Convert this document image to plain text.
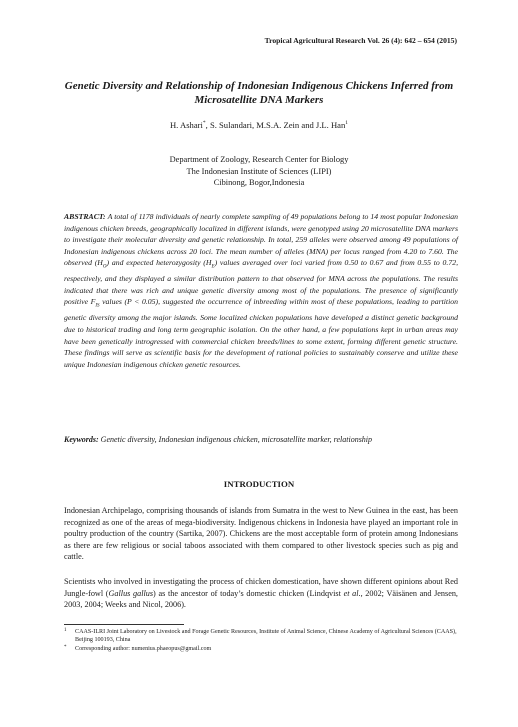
Tropical Agricultural Research Vol. 26 (4): 642 – 654 (2015)
Genetic Diversity and Relationship of Indonesian Indigenous Chickens Inferred from Microsatellite DNA Markers
H. Ashari*, S. Sulandari, M.S.A. Zein and J.L. Han$^1$
Department of Zoology, Research Center for Biology
The Indonesian Institute of Sciences (LIPI)
Cibinong, Bogor,Indonesia
ABSTRACT: A total of 1178 individuals of nearly complete sampling of 49 populations belong to 14 most popular Indonesian indigenous chicken breeds, geographically localized in different islands, were genotyped using 20 microsatellite DNA markers to investigate their molecular diversity and genetic relationship. In total, 259 alleles were observed among 49 populations of Indonesian indigenous chickens across 20 loci. The mean number of alleles (MNA) per locus ranged from 4.20 to 7.60. The observed $(H_O)$ and expected heterozygosity $(H_E)$ values averaged over loci varied from 0.50 to 0.67 and from 0.55 to 0.72, respectively, and they displayed a similar distribution pattern to that observed for MNA across the populations. The results indicated that there was rich and unique genetic diversity among most of the populations. The presence of significantly positive $F_{IS}$ values (P < 0.05), suggested the occurrence of inbreeding within most of these populations, leading to partition genetic diversity among the major islands. Some localized chicken populations have developed a distinct genetic background due to historical trading and long term geographic isolation. On the other hand, a few populations kept in urban areas may have been genetically introgressed with commercial chicken breeds/lines to some extent, forming different genetic structure. These findings will serve as scientific basis for the development of rational policies to sustainably conserve and utilize these unique Indonesian indigenous chicken genetic resources.
Keywords: Genetic diversity, Indonesian indigenous chicken, microsatellite marker, relationship
INTRODUCTION
Indonesian Archipelago, comprising thousands of islands from Sumatra in the west to New Guinea in the east, has been recognized as one of the areas of mega-biodiversity. Indigenous chickens in Indonesia have played an important role in poultry production of the country (Sartika, 2007). Chickens are the most acceptable form of protein among Indonesians as there are few religious or social taboos associated with them compared to other livestock species such as pig and cattle.
Scientists who involved in investigating the process of chicken domestication, have shown different opinions about Red Jungle-fowl (Gallus gallus) as the ancestor of today’s domestic chicken (Lindqvist et al., 2002; Väisänen and Jensen, 2003, 2004; Weeks and Nicol, 2006).
1	CAAS-ILRI Joint Laboratory on Livestock and Forage Genetic Resources, Institute of Animal Science, Chinese Academy of Agricultural Sciences (CAAS), Beijing 100193, China
*	Corresponding author: numenius.phaeopus@gmail.com
